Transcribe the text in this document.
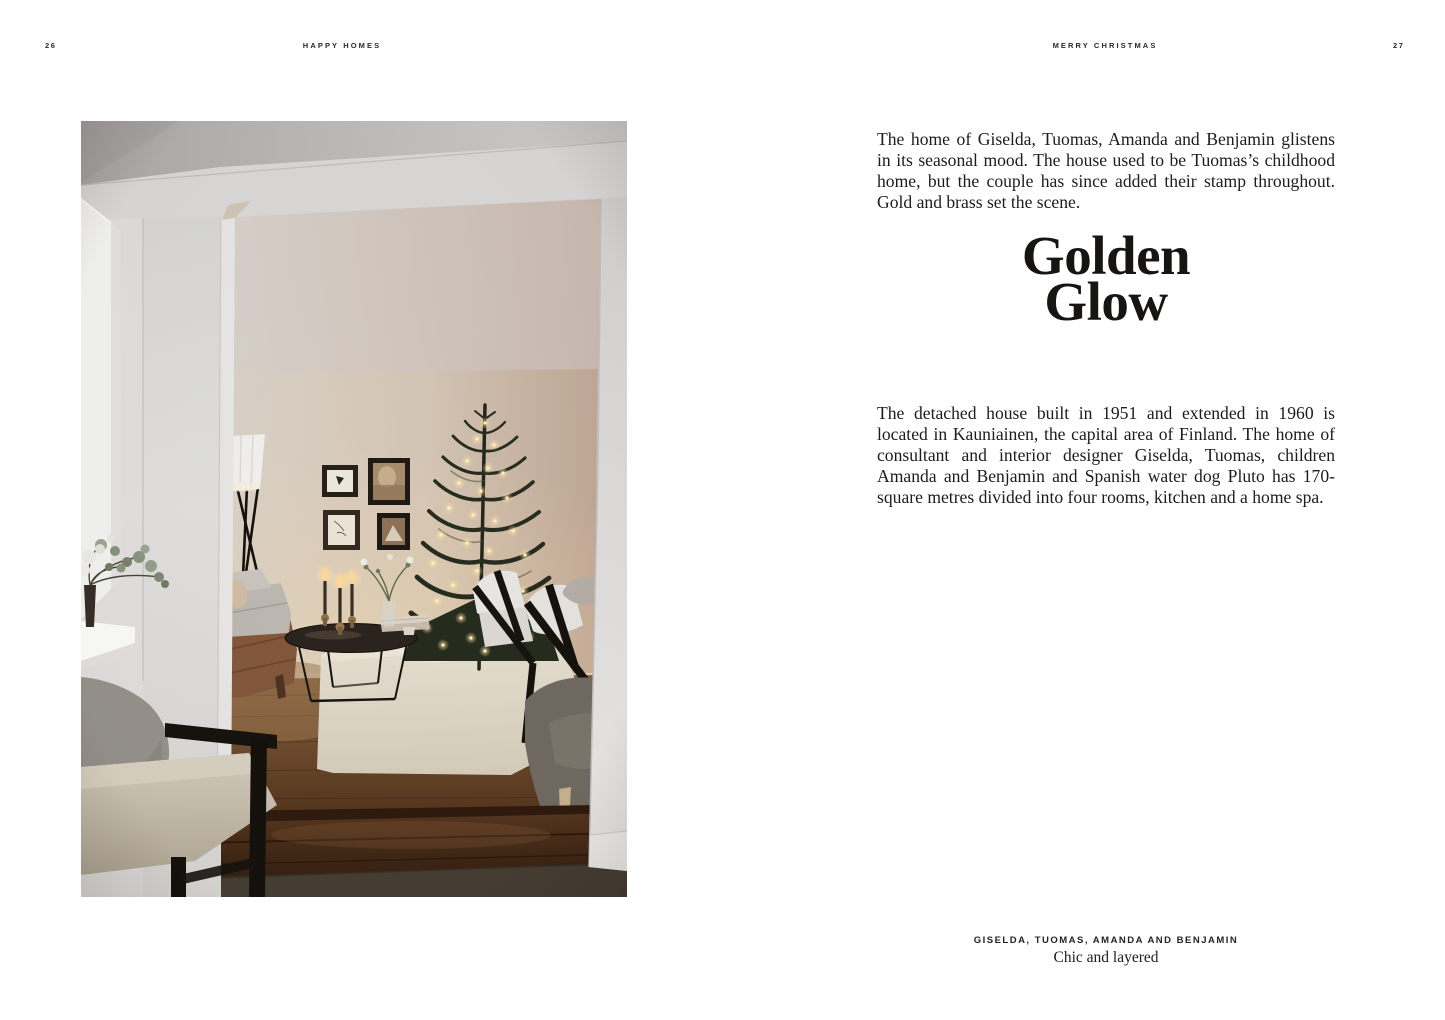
26	HAPPY HOMES	MERRY CHRISTMAS	27

The home of Giselda, Tuomas, Amanda and Benjamin glistens in its seasonal mood. The house used to be Tuomas’s childhood home, but the couple has since added their stamp throughout. Gold and brass set the scene.

Golden
Glow

The detached house built in 1951 and extended in 1960 is located in Kauniainen, the capital area of Finland. The home of consultant and interior designer Giselda, Tuomas, children Amanda and Benjamin and Spanish water dog Pluto has 170-square metres divided into four rooms, kitchen and a home spa.

GISELDA, TUOMAS, AMANDA AND BENJAMIN
Chic and layered
